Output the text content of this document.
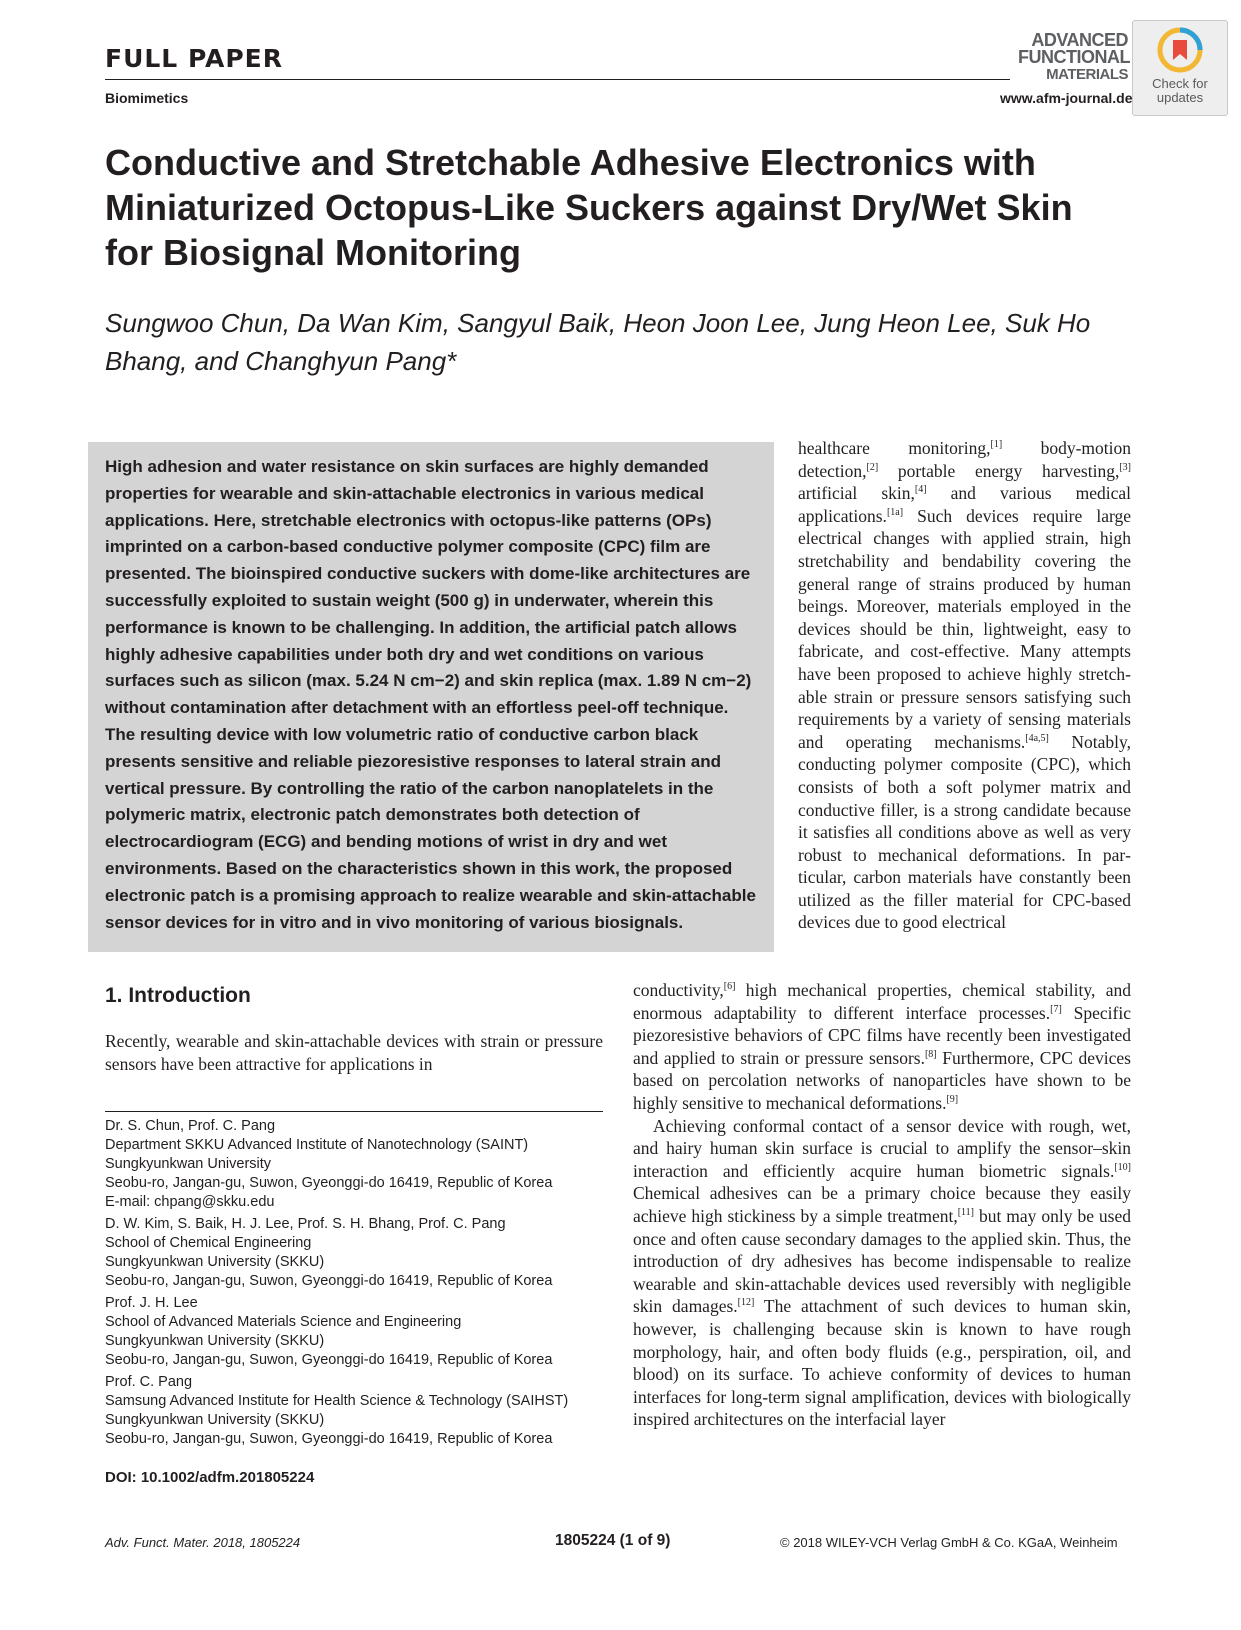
FULL PAPER
Biomimetics	www.afm-journal.de
ADVANCED
FUNCTIONAL
MATERIALS
Check for
updates
Conductive and Stretchable Adhesive Electronics with Miniaturized Octopus-Like Suckers against Dry/Wet Skin for Biosignal Monitoring
Sungwoo Chun, Da Wan Kim, Sangyul Baik, Heon Joon Lee, Jung Heon Lee, Suk Ho Bhang, and Changhyun Pang*
High adhesion and water resistance on skin surfaces are highly demanded properties for wearable and skin-attachable electronics in various medical applications. Here, stretchable electronics with octopus-like patterns (OPs) imprinted on a carbon-based conductive polymer composite (CPC) film are presented. The bioinspired conductive suckers with dome-like architectures are successfully exploited to sustain weight (500 g) in underwater, wherein this performance is known to be challenging. In addition, the artificial patch allows highly adhesive capabilities under both dry and wet conditions on various surfaces such as silicon (max. 5.24 N cm−2) and skin replica (max. 1.89 N cm−2) without contamination after detachment with an effortless peel-off technique. The resulting device with low volumetric ratio of conductive carbon black presents sensitive and reliable piezoresistive responses to lateral strain and vertical pressure. By controlling the ratio of the carbon nanoplatelets in the polymeric matrix, electronic patch demonstrates both detection of electrocardiogram (ECG) and bending motions of wrist in dry and wet environments. Based on the characteristics shown in this work, the proposed electronic patch is a promising approach to realize wearable and skin-attachable sensor devices for in vitro and in vivo monitoring of various biosignals.
healthcare monitoring,[1] body-motion detection,[2] portable energy harvesting,[3] artificial skin,[4] and various medical applications.[1a] Such devices require large electrical changes with applied strain, high stretchability and bendability covering the general range of strains produced by human beings. Moreover, materials employed in the devices should be thin, lightweight, easy to fabricate, and cost-effective. Many attempts have been proposed to achieve highly stretchable strain or pressure sensors satisfying such requirements by a variety of sensing materials and operating mechanisms.[4a,5] Notably, conducting polymer composite (CPC), which consists of both a soft polymer matrix and conductive filler, is a strong candidate because it satisfies all conditions above as well as very robust to mechanical deformations. In particular, carbon materials have constantly been utilized as the filler material for CPC-based devices due to good electrical
1. Introduction
Recently, wearable and skin-attachable devices with strain or pressure sensors have been attractive for applications in

conductivity,[6] high mechanical properties, chemical stability, and enormous adaptability to different interface processes.[7] Specific piezoresistive behaviors of CPC films have recently been investigated and applied to strain or pressure sensors.[8] Furthermore, CPC devices based on percolation networks of nanoparticles have shown to be highly sensitive to mechanical deformations.[9]

Achieving conformal contact of a sensor device with rough, wet, and hairy human skin surface is crucial to amplify the sensor–skin interaction and efficiently acquire human biometric signals.[10] Chemical adhesives can be a primary choice because they easily achieve high stickiness by a simple treatment,[11] but may only be used once and often cause secondary damages to the applied skin. Thus, the introduction of dry adhesives has become indispensable to realize wearable and skin-attachable devices used reversibly with negligible skin damages.[12] The attachment of such devices to human skin, however, is challenging because skin is known to have rough morphology, hair, and often body fluids (e.g., perspiration, oil, and blood) on its surface. To achieve conformity of devices to human interfaces for long-term signal amplification, devices with biologically inspired architectures on the interfacial layer

Dr. S. Chun, Prof. C. Pang
Department SKKU Advanced Institute of Nanotechnology (SAINT)
Sungkyunkwan University
Seobu-ro, Jangan-gu, Suwon, Gyeonggi-do 16419, Republic of Korea
E-mail: chpang@skku.edu
D. W. Kim, S. Baik, H. J. Lee, Prof. S. H. Bhang, Prof. C. Pang
School of Chemical Engineering
Sungkyunkwan University (SKKU)
Seobu-ro, Jangan-gu, Suwon, Gyeonggi-do 16419, Republic of Korea
Prof. J. H. Lee
School of Advanced Materials Science and Engineering
Sungkyunkwan University (SKKU)
Seobu-ro, Jangan-gu, Suwon, Gyeonggi-do 16419, Republic of Korea
Prof. C. Pang
Samsung Advanced Institute for Health Science & Technology (SAIHST)
Sungkyunkwan University (SKKU)
Seobu-ro, Jangan-gu, Suwon, Gyeonggi-do 16419, Republic of Korea
DOI: 10.1002/adfm.201805224
Adv. Funct. Mater. 2018, 1805224	1805224 (1 of 9)	© 2018 WILEY-VCH Verlag GmbH & Co. KGaA, Weinheim
